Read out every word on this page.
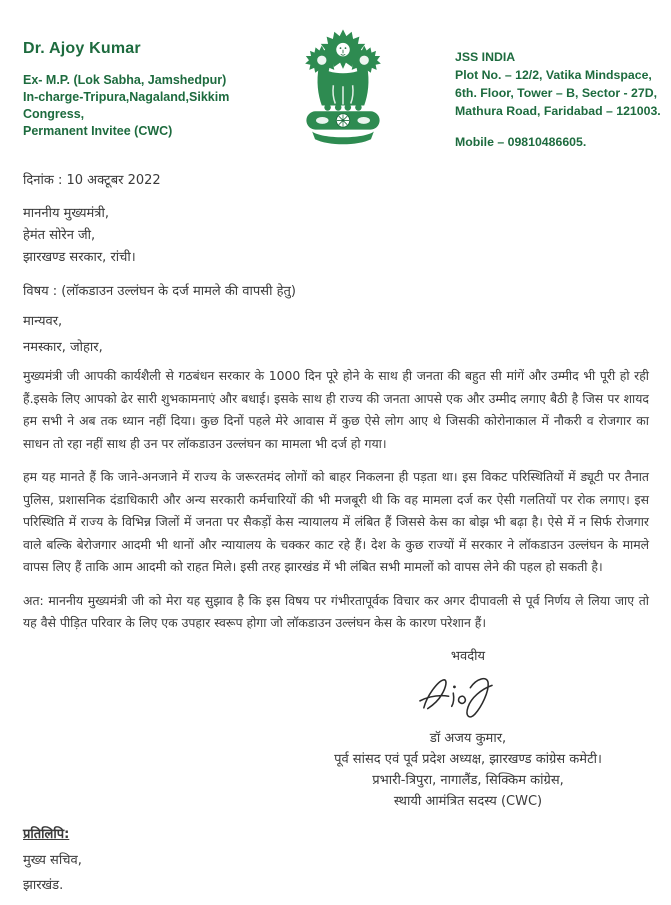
Dr. Ajoy Kumar
Ex- M.P. (Lok Sabha, Jamshedpur)
In-charge-Tripura,Nagaland,Sikkim
Congress,
Permanent Invitee (CWC)
JSS INDIA
Plot No. – 12/2, Vatika Mindspace,
6th. Floor, Tower – B, Sector - 27D,
Mathura Road, Faridabad – 121003.
Mobile – 09810486605.
दिनांक : 10 अक्टूबर 2022
माननीय मुख्यमंत्री,
हेमंत सोरेन जी,
झारखण्ड सरकार, रांची।
विषय : (लॉकडाउन उल्लंघन के दर्ज मामले की वापसी हेतु)
मान्यवर,
नमस्कार, जोहार,
मुख्यमंत्री जी आपकी कार्यशैली से गठबंधन सरकार के 1000 दिन पूरे होने के साथ ही जनता की बहुत सी मांगें और उम्मीद भी पूरी हो रही हैं.इसके लिए आपको ढेर सारी शुभकामनाएं और बधाई। इसके साथ ही राज्य की जनता आपसे एक और उम्मीद लगाए बैठी है जिस पर शायद हम सभी ने अब तक ध्यान नहीं दिया। कुछ दिनों पहले मेरे आवास में कुछ ऐसे लोग आए थे जिसकी कोरोनाकाल में नौकरी व रोजगार का साधन तो रहा नहीं साथ ही उन पर लॉकडाउन उल्लंघन का मामला भी दर्ज हो गया।
हम यह मानते हैं कि जाने-अनजाने में राज्य के जरूरतमंद लोगों को बाहर निकलना ही पड़ता था। इस विकट परिस्थितियों में ड्यूटी पर तैनात पुलिस, प्रशासनिक दंडाधिकारी और अन्य सरकारी कर्मचारियों की भी मजबूरी थी कि वह मामला दर्ज कर ऐसी गलतियों पर रोक लगाए। इस परिस्थिति में राज्य के विभिन्न जिलों में जनता पर सैकड़ों केस न्यायालय में लंबित हैं जिससे केस का बोझ भी बढ़ा है। ऐसे में न सिर्फ रोजगार वाले बल्कि बेरोजगार आदमी भी थानों और न्यायालय के चक्कर काट रहे हैं। देश के कुछ राज्यों में सरकार ने लॉकडाउन उल्लंघन के मामले वापस लिए हैं ताकि आम आदमी को राहत मिले। इसी तरह झारखंड में भी लंबित सभी मामलों को वापस लेने की पहल हो सकती है।
अत: माननीय मुख्यमंत्री जी को मेरा यह सुझाव है कि इस विषय पर गंभीरतापूर्वक विचार कर अगर दीपावली से पूर्व निर्णय ले लिया जाए तो यह वैसे पीड़ित परिवार के लिए एक उपहार स्वरूप होगा जो लॉकडाउन उल्लंघन केस के कारण परेशान हैं।
भवदीय
डॉ अजय कुमार,
पूर्व सांसद एवं पूर्व प्रदेश अध्यक्ष, झारखण्ड कांग्रेस कमेटी।
प्रभारी-त्रिपुरा, नागालैंड, सिक्किम कांग्रेस,
स्थायी आमंत्रित सदस्य (CWC)
प्रतिलिपि:
मुख्य सचिव,
झारखंड.
